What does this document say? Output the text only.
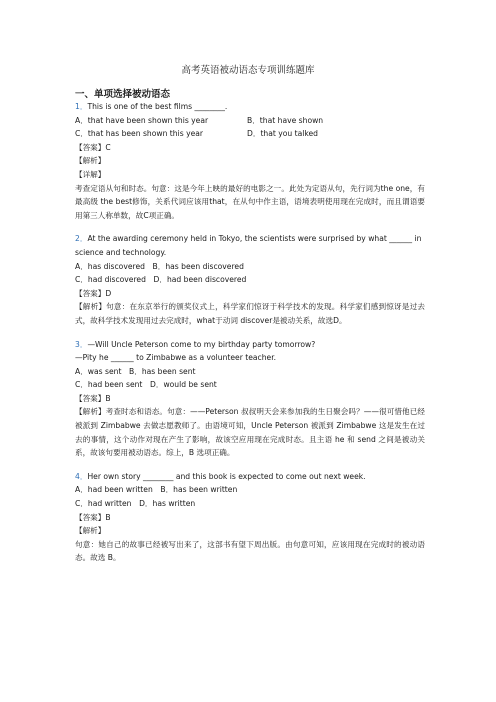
高考英语被动语态专项训练题库
一、单项选择被动语态

1．This is one of the best films ________.

A．that have been shown this year	B．that have shown
C．that has been shown this year	D．that you talked

【答案】C

【解析】

【详解】

考查定语从句和时态。句意：这是今年上映的最好的电影之一。此处为定语从句，先行词为the one，有最高级 the best修饰，关系代词应该用that，在从句中作主语，语境表明使用现在完成时，而且谓语要用第三人称单数，故C项正确。

2．At the awarding ceremony held in Tokyo, the scientists were surprised by what ______ in science and technology.

A．has discovered　B．has been discovered

C．had discovered　D．had been discovered

【答案】D

【解析】句意：在东京举行的颁奖仪式上，科学家们惊讶于科学技术的发现。科学家们感到惊讶是过去式，故科学技术发现用过去完成时，what于动词 discover是被动关系，故选D。

3．—Will Uncle Peterson come to my birthday party tomorrow?

—Pity he ______ to Zimbabwe as a volunteer teacher.

A．was sent　B．has been sent

C．had been sent　D．would be sent

【答案】B

【解析】考查时态和语态。句意：——Peterson 叔叔明天会来参加我的生日聚会吗？——很可惜他已经被派到 Zimbabwe 去做志愿教师了。由语境可知，Uncle Peterson 被派到 Zimbabwe 这是发生在过去的事情，这个动作对现在产生了影响，故该空应用现在完成时态。且主语 he 和 send 之间是被动关系，故该句要用被动语态。综上，B 选项正确。

4．Her own story ________ and this book is expected to come out next week.

A．had been written　B．has been written

C．had written　D．has written

【答案】B

【解析】

句意：她自己的故事已经被写出来了，这部书有望下周出版。由句意可知，应该用现在完成时的被动语态。故选 B。
